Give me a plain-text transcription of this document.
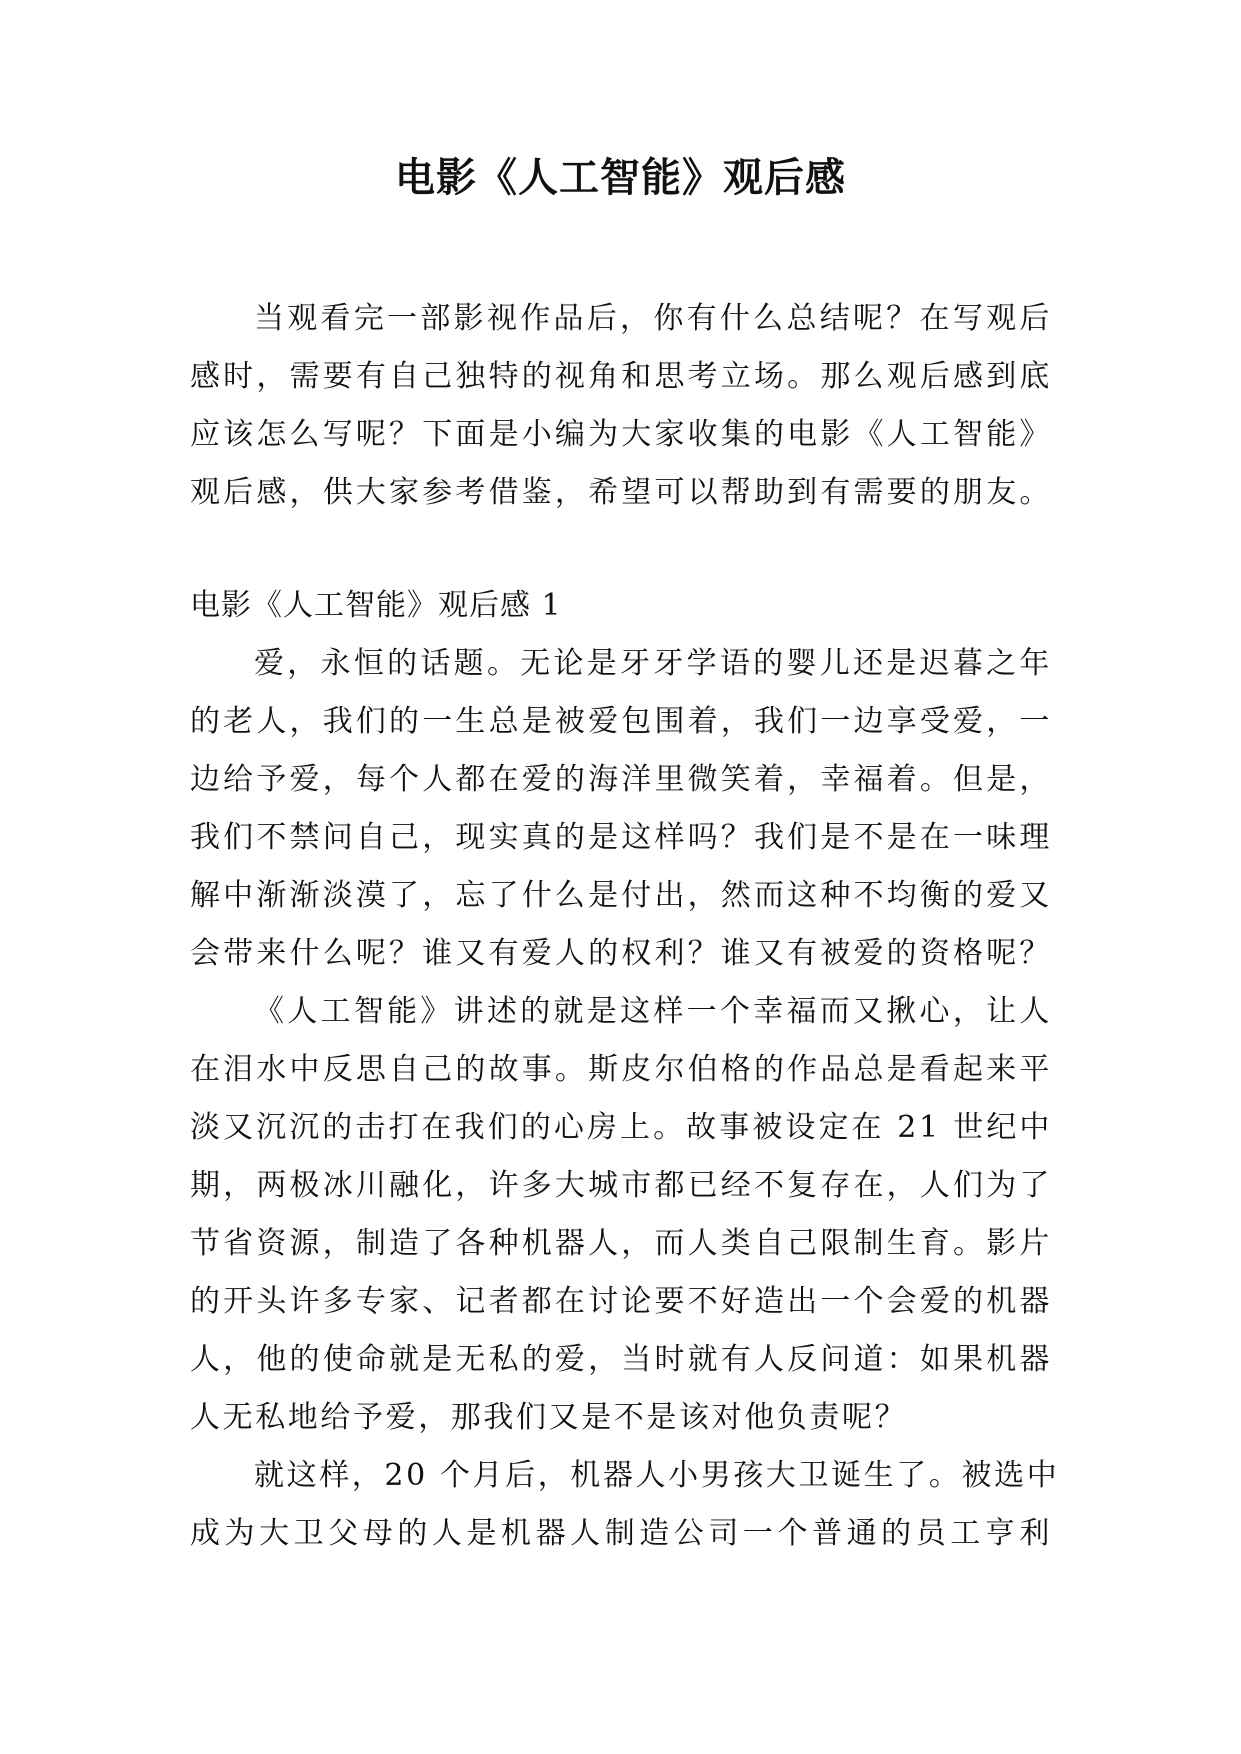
电影《人工智能》观后感
当观看完一部影视作品后，你有什么总结呢？在写观后
感时，需要有自己独特的视角和思考立场。那么观后感到底
应该怎么写呢？下面是小编为大家收集的电影《人工智能》
观后感，供大家参考借鉴，希望可以帮助到有需要的朋友。
电影《人工智能》观后感 1
爱，永恒的话题。无论是牙牙学语的婴儿还是迟暮之年
的老人，我们的一生总是被爱包围着，我们一边享受爱，一
边给予爱，每个人都在爱的海洋里微笑着，幸福着。但是，
我们不禁问自己，现实真的是这样吗？我们是不是在一味理
解中渐渐淡漠了，忘了什么是付出，然而这种不均衡的爱又
会带来什么呢？谁又有爱人的权利？谁又有被爱的资格呢？
《人工智能》讲述的就是这样一个幸福而又揪心，让人
在泪水中反思自己的故事。斯皮尔伯格的作品总是看起来平
淡又沉沉的击打在我们的心房上。故事被设定在 21 世纪中
期，两极冰川融化，许多大城市都已经不复存在，人们为了
节省资源，制造了各种机器人，而人类自己限制生育。影片
的开头许多专家、记者都在讨论要不好造出一个会爱的机器
人，他的使命就是无私的爱，当时就有人反问道：如果机器
人无私地给予爱，那我们又是不是该对他负责呢？
就这样，20 个月后，机器人小男孩大卫诞生了。被选中
成为大卫父母的人是机器人制造公司一个普通的员工亨利
